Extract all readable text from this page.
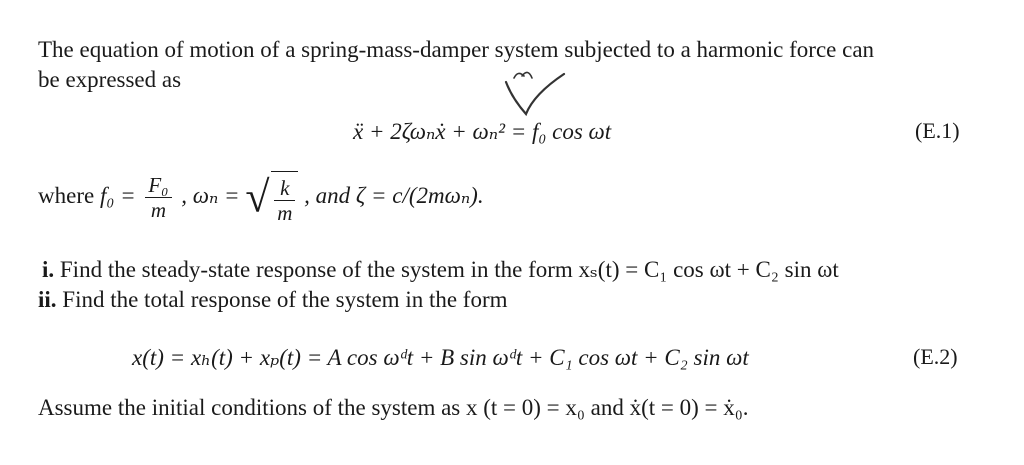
The equation of motion of a spring-mass-damper system subjected to a harmonic force can
be expressed as
ẍ + 2ζωₙẋ + ωₙ² = f₀ cos ωt	(E.1)
where $f_0 = \frac{\text{F₀}}{m}$ , ωₙ = √ $\frac{k}{m}$ , and ζ = c/(2mωₙ).
i. Find the steady-state response of the system in the form xₛ(t) = C₁ cos ωt + C₂ sin ωt
ii. Find the total response of the system in the form
x(t) = xₕ(t) + xₚ(t) = A cos ωᵈt + B sin ωᵈt + C₁ cos ωt + C₂ sin ωt	(E.2)
Assume the initial conditions of the system as x (t = 0) = x₀ and ẋ(t = 0) = ẋ₀.
